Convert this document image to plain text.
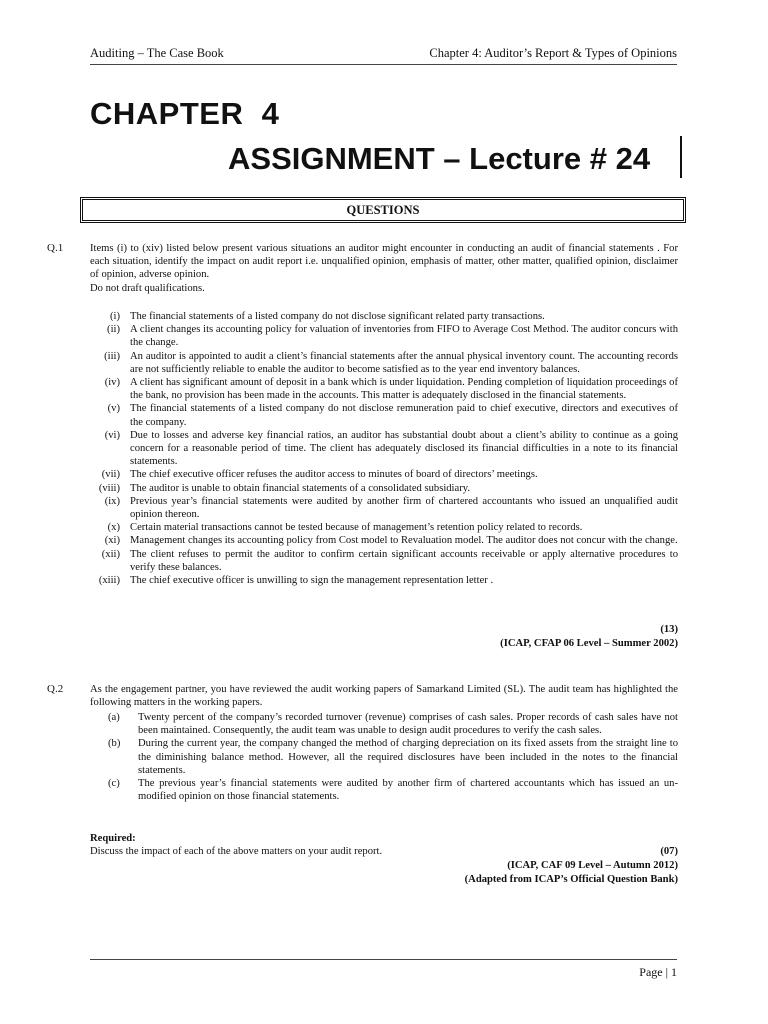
Auditing – The Case Book	Chapter 4: Auditor’s Report & Types of Opinions
CHAPTER  4
ASSIGNMENT – Lecture # 24
QUESTIONS
Q.1	Items (i) to (xiv) listed below present various situations an auditor might encounter in conducting an audit of financial statements . For each situation, identify the impact on audit report i.e. unqualified opinion, emphasis of matter, other matter, qualified opinion, disclaimer of opinion, adverse opinion.

Do not draft qualifications.

(i) The financial statements of a listed company do not disclose significant related party transactions.
(ii) A client changes its accounting policy for valuation of inventories from FIFO to Average Cost Method. The auditor concurs with the change.
(iii) An auditor is appointed to audit a client’s financial statements after the annual physical inventory count. The accounting records are not sufficiently reliable to enable the auditor to become satisfied as to the year end inventory balances.
(iv) A client has significant amount of deposit in a bank which is under liquidation. Pending completion of liquidation proceedings of the bank, no provision has been made in the accounts. This matter is adequately disclosed in the financial statements.
(v) The financial statements of a listed company do not disclose remuneration paid to chief executive, directors and executives of the company.
(vi) Due to losses and adverse key financial ratios, an auditor has substantial doubt about a client’s ability to continue as a going concern for a reasonable period of time. The client has adequately disclosed its financial difficulties in a note to its financial statements.
(vii) The chief executive officer refuses the auditor access to minutes of board of directors’ meetings.
(viii) The auditor is unable to obtain financial statements of a consolidated subsidiary.
(ix) Previous year’s financial statements were audited by another firm of chartered accountants who issued an unqualified audit opinion thereon.
(x) Certain material transactions cannot be tested because of management’s retention policy related to records.
(xi) Management changes its accounting policy from Cost model to Revaluation model. The auditor does not concur with the change.
(xii) The client refuses to permit the auditor to confirm certain significant accounts receivable or apply alternative procedures to verify these balances.
(xiii) The chief executive officer is unwilling to sign the management representation letter .
(13)
(ICAP, CFAP 06 Level – Summer 2002)
Q.2	As the engagement partner, you have reviewed the audit working papers of Samarkand Limited (SL). The audit team has highlighted the following matters in the working papers.

(a)	Twenty percent of the company’s recorded turnover (revenue) comprises of cash sales. Proper records of cash sales have not been maintained. Consequently, the audit team was unable to design audit procedures to verify the cash sales.
(b)	During the current year, the company changed the method of charging depreciation on its fixed assets from the straight line to the diminishing balance method. However, all the required disclosures have been included in the notes to the financial statements.
(c)	The previous year’s financial statements were audited by another firm of chartered accountants which has issued an un-modified opinion on those financial statements.

Required:

Discuss the impact of each of the above matters on your audit report.	(07)
(ICAP, CAF 09 Level – Autumn 2012)
(Adapted from ICAP’s Official Question Bank)
Page | 1
